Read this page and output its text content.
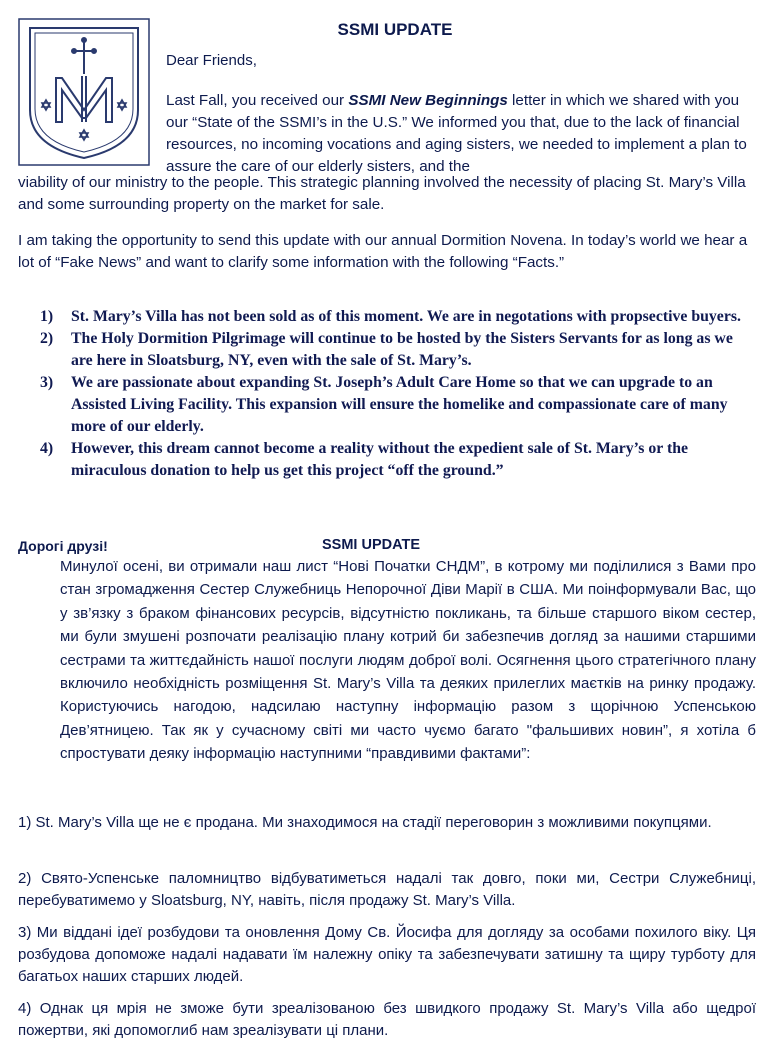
SSMI UPDATE
Dear Friends,
Last Fall, you received our SSMI New Beginnings letter in which we shared with you our “State of the SSMI’s in the U.S.” We informed you that, due to the lack of financial resources, no incoming vocations and aging sisters, we needed to implement a plan to assure the care of our elderly sisters, and the
viability of our ministry to the people. This strategic planning involved the necessity of placing St. Mary’s Villa and some surrounding property on the market for sale.
I am taking the opportunity to send this update with our annual Dormition Novena. In today’s world we hear a lot of “Fake News” and want to clarify some information with the following “Facts.”
1) St. Mary’s Villa has not been sold as of this moment. We are in negotations with propsective buyers.
2) The Holy Dormition Pilgrimage will continue to be hosted by the Sisters Servants for as long as we are here in Sloatsburg, NY, even with the sale of St. Mary’s.
3) We are passionate about expanding St. Joseph’s Adult Care Home so that we can upgrade to an Assisted Living Facility. This expansion will ensure the homelike and compassionate care of many more of our elderly.
4) However, this dream cannot become a reality without the expedient sale of St. Mary’s or the miraculous donation to help us get this project “off the ground.”
Дорогі друзі!	SSMI UPDATE
Минулої осені, ви отримали наш лист “Нові Початки СНДМ”, в котрому ми поділилися з Вами про стан згромадження Сестер Служебниць Непорочної Діви Марії в США. Ми поінформували Вас, що у зв’язку з браком фінансових ресурсів, відсутністю покликань, та більше старшого віком сестер, ми були змушені розпочати реалізацію плану котрий би забезпечив догляд за нашими старшими сестрами та життєдайність нашої послуги людям доброї волі. Осягнення цього стратегічного плану включило необхідність розміщення St. Mary’s Villa та деяких прилеглих маєтків на ринку продажу. Користуючись нагодою, надсилаю наступну інформацію разом з щорічною Успенською Дев’ятницею. Так як у сучасному світі ми часто чуємо багато "фальшивих новин”, я хотіла б спростувати деяку інформацію наступними “правдивими фактами”:
1) St. Mary’s Villa ще не є продана. Ми знаходимося на стадії переговорин з можливими покупцями.
2) Свято-Успенське паломництво відбуватиметься надалі так довго, поки ми, Сестри Служебниці, перебуватимемо у Sloatsburg, NY, навіть, після продажу St. Mary’s Villa.
3) Ми віддані ідеї розбудови та оновлення Дому Св. Йосифа для догляду за особами похилого віку. Ця розбудова допоможе надалі надавати їм належну опіку та забезпечувати затишну та щиру турботу для багатьох наших старших людей.
4) Однак ця мрія не зможе бути зреалізованою без швидкого продажу St. Mary’s Villa або щедрої пожертви, які допомоглиб нам зреалізувати ці плани.
